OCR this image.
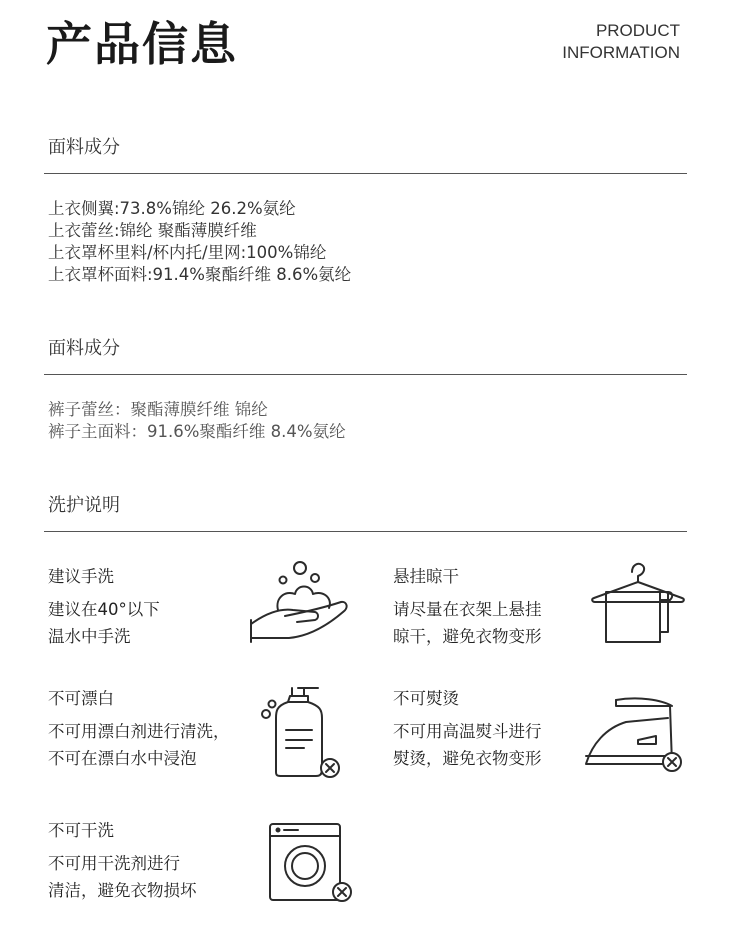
产品信息	PRODUCT
INFORMATION
面料成分
上衣侧翼:73.8%锦纶 26.2%氨纶
上衣蕾丝:锦纶 聚酯薄膜纤维
上衣罩杯里料/杯内托/里网:100%锦纶
上衣罩杯面料:91.4%聚酯纤维 8.6%氨纶
面料成分
裤子蕾丝：聚酯薄膜纤维 锦纶
裤子主面料：91.6%聚酯纤维 8.4%氨纶
洗护说明
建议手洗
建议在40°以下
温水中手洗
悬挂晾干
请尽量在衣架上悬挂
晾干，避免衣物变形
不可漂白
不可用漂白剂进行清洗，
不可在漂白水中浸泡
不可熨烫
不可用高温熨斗进行
熨烫，避免衣物变形
不可干洗
不可用干洗剂进行
清洁，避免衣物损坏
